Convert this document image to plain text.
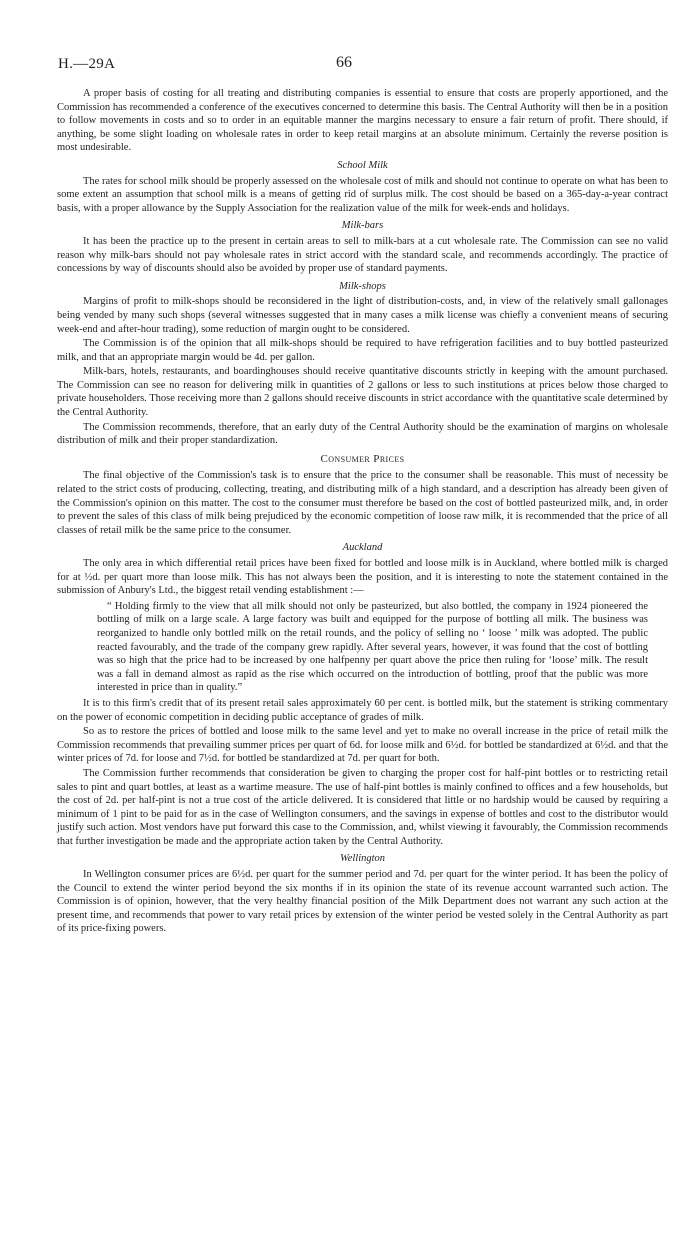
H.—29A	66

A proper basis of costing for all treating and distributing companies is essential to ensure that costs are properly apportioned, and the Commission has recommended a conference of the executives concerned to determine this basis. The Central Authority will then be in a position to follow movements in costs and so to order in an equitable manner the margins necessary to ensure a fair return of profit. There should, if anything, be some slight loading on wholesale rates in order to keep retail margins at an absolute minimum. Certainly the reverse position is most undesirable.

School Milk

The rates for school milk should be properly assessed on the wholesale cost of milk and should not continue to operate on what has been to some extent an assumption that school milk is a means of getting rid of surplus milk. The cost should be based on a 365-day-a-year contract basis, with a proper allowance by the Supply Association for the realization value of the milk for week-ends and holidays.

Milk-bars

It has been the practice up to the present in certain areas to sell to milk-bars at a cut wholesale rate. The Commission can see no valid reason why milk-bars should not pay wholesale rates in strict accord with the standard scale, and recommends accordingly. The practice of concessions by way of discounts should also be avoided by proper use of standard payments.

Milk-shops

Margins of profit to milk-shops should be reconsidered in the light of distribution-costs, and, in view of the relatively small gallonages being vended by many such shops (several witnesses suggested that in many cases a milk license was chiefly a convenient means of securing week-end and after-hour trading), some reduction of margin ought to be considered.

The Commission is of the opinion that all milk-shops should be required to have refrigeration facilities and to buy bottled pasteurized milk, and that an appropriate margin would be 4d. per gallon.

Milk-bars, hotels, restaurants, and boardinghouses should receive quantitative discounts strictly in keeping with the amount purchased. The Commission can see no reason for delivering milk in quantities of 2 gallons or less to such institutions at prices below those charged to private householders. Those receiving more than 2 gallons should receive discounts in strict accordance with the quantitative scale determined by the Central Authority.

The Commission recommends, therefore, that an early duty of the Central Authority should be the examination of margins on wholesale distribution of milk and their proper standardization.

Consumer Prices

The final objective of the Commission's task is to ensure that the price to the consumer shall be reasonable. This must of necessity be related to the strict costs of producing, collecting, treating, and distributing milk of a high standard, and a description has already been given of the Commission's opinion on this matter. The cost to the consumer must therefore be based on the cost of bottled pasteurized milk, and, in order to prevent the sales of this class of milk being prejudiced by the economic competition of loose raw milk, it is recommended that the price of all classes of retail milk be the same price to the consumer.

Auckland

The only area in which differential retail prices have been fixed for bottled and loose milk is in Auckland, where bottled milk is charged for at ½d. per quart more than loose milk. This has not always been the position, and it is interesting to note the statement contained in the submission of Anbury's Ltd., the biggest retail vending establishment :—

“ Holding firmly to the view that all milk should not only be pasteurized, but also bottled, the company in 1924 pioneered the bottling of milk on a large scale. A large factory was built and equipped for the purpose of bottling all milk. The business was reorganized to handle only bottled milk on the retail rounds, and the policy of selling no ‘ loose ’ milk was adopted. The public reacted favourably, and the trade of the company grew rapidly. After several years, however, it was found that the cost of bottling was so high that the price had to be increased by one halfpenny per quart above the price then ruling for ‘loose’ milk. The result was a fall in demand almost as rapid as the rise which occurred on the introduction of bottling, proof that the public was more interested in price than in quality.”

It is to this firm's credit that of its present retail sales approximately 60 per cent. is bottled milk, but the statement is striking commentary on the power of economic competition in deciding public acceptance of grades of milk.

So as to restore the prices of bottled and loose milk to the same level and yet to make no overall increase in the price of retail milk the Commission recommends that prevailing summer prices per quart of 6d. for loose milk and 6½d. for bottled be standardized at 6½d. and that the winter prices of 7d. for loose and 7½d. for bottled be standardized at 7d. per quart for both.

The Commission further recommends that consideration be given to charging the proper cost for half-pint bottles or to restricting retail sales to pint and quart bottles, at least as a wartime measure. The use of half-pint bottles is mainly confined to offices and a few households, but the cost of 2d. per half-pint is not a true cost of the article delivered. It is considered that little or no hardship would be caused by requiring a minimum of 1 pint to be paid for as in the case of Wellington consumers, and the savings in expense of bottles and cost to the distributor would justify such action. Most vendors have put forward this case to the Commission, and, whilst viewing it favourably, the Commission recommends that further investigation be made and the appropriate action taken by the Central Authority.

Wellington

In Wellington consumer prices are 6½d. per quart for the summer period and 7d. per quart for the winter period. It has been the policy of the Council to extend the winter period beyond the six months if in its opinion the state of its revenue account warranted such action. The Commission is of opinion, however, that the very healthy financial position of the Milk Department does not warrant any such action at the present time, and recommends that power to vary retail prices by extension of the winter period be vested solely in the Central Authority as part of its price-fixing powers.
